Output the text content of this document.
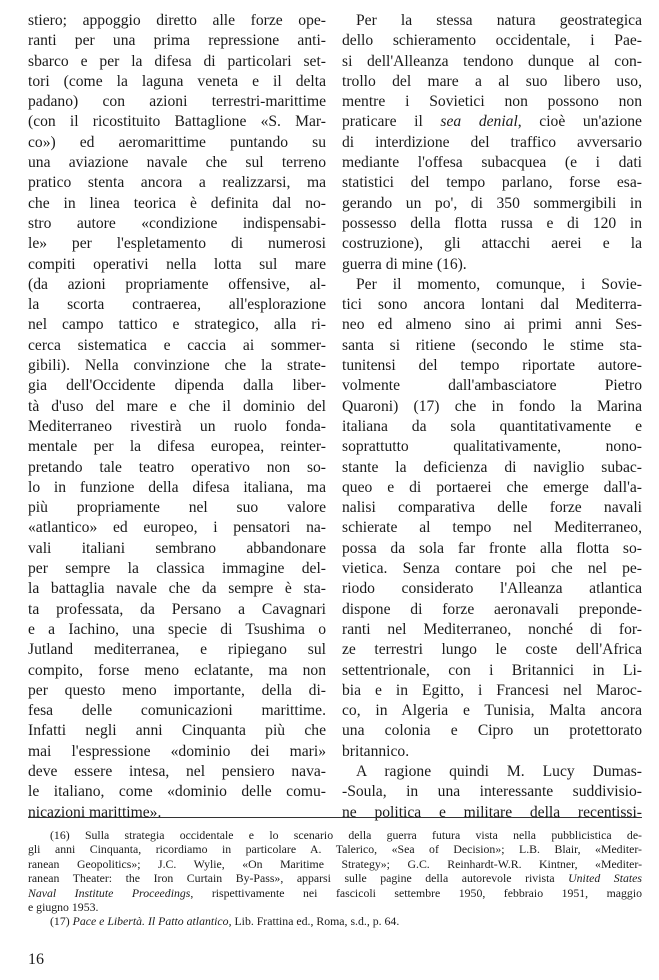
stiero; appoggio diretto alle forze ope-
ranti per una prima repressione anti-
sbarco e per la difesa di particolari set-
tori (come la laguna veneta e il delta
padano) con azioni terrestri-marittime
(con il ricostituito Battaglione «S. Mar-
co») ed aeromarittime puntando su
una aviazione navale che sul terreno
pratico stenta ancora a realizzarsi, ma
che in linea teorica è definita dal no-
stro autore «condizione indispensabi-
le» per l'espletamento di numerosi
compiti operativi nella lotta sul mare
(da azioni propriamente offensive, al-
la scorta contraerea, all'esplorazione
nel campo tattico e strategico, alla ri-
cerca sistematica e caccia ai sommer-
gibili). Nella convinzione che la strate-
gia dell'Occidente dipenda dalla liber-
tà d'uso del mare e che il dominio del
Mediterraneo rivestirà un ruolo fonda-
mentale per la difesa europea, reinter-
pretando tale teatro operativo non so-
lo in funzione della difesa italiana, ma
più propriamente nel suo valore
«atlantico» ed europeo, i pensatori na-
vali italiani sembrano abbandonare
per sempre la classica immagine del-
la battaglia navale che da sempre è sta-
ta professata, da Persano a Cavagnari
e a Iachino, una specie di Tsushima o
Jutland mediterranea, e ripiegano sul
compito, forse meno eclatante, ma non
per questo meno importante, della di-
fesa delle comunicazioni marittime.
Infatti negli anni Cinquanta più che
mai l'espressione «dominio dei mari»
deve essere intesa, nel pensiero nava-
le italiano, come «dominio delle comu-
nicazioni marittime».
Per la stessa natura geostrategica
dello schieramento occidentale, i Pae-
si dell'Alleanza tendono dunque al con-
trollo del mare a al suo libero uso,
mentre i Sovietici non possono non
praticare il sea denial, cioè un'azione
di interdizione del traffico avversario
mediante l'offesa subacquea (e i dati
statistici del tempo parlano, forse esa-
gerando un po', di 350 sommergibili in
possesso della flotta russa e di 120 in
costruzione), gli attacchi aerei e la
guerra di mine (16).
Per il momento, comunque, i Sovie-
tici sono ancora lontani dal Mediterra-
neo ed almeno sino ai primi anni Ses-
santa si ritiene (secondo le stime sta-
tunitensi del tempo riportate autore-
volmente dall'ambasciatore Pietro
Quaroni) (17) che in fondo la Marina
italiana da sola quantitativamente e
soprattutto qualitativamente, nono-
stante la deficienza di naviglio subac-
queo e di portaerei che emerge dall'a-
nalisi comparativa delle forze navali
schierate al tempo nel Mediterraneo,
possa da sola far fronte alla flotta so-
vietica. Senza contare poi che nel pe-
riodo considerato l'Alleanza atlantica
dispone di forze aeronavali preponde-
ranti nel Mediterraneo, nonché di for-
ze terrestri lungo le coste dell'Africa
settentrionale, con i Britannici in Li-
bia e in Egitto, i Francesi nel Maroc-
co, in Algeria e Tunisia, Malta ancora
una colonia e Cipro un protettorato
britannico.
A ragione quindi M. Lucy Dumas-
-Soula, in una interessante suddivisio-
ne politica e militare della recentissi-
(16) Sulla strategia occidentale e lo scenario della guerra futura vista nella pubblicistica de-
gli anni Cinquanta, ricordiamo in particolare A. Talerico, «Sea of Decision»; L.B. Blair, «Mediter-
ranean Geopolitics»; J.C. Wylie, «On Maritime Strategy»; G.C. Reinhardt-W.R. Kintner, «Mediter-
ranean Theater: the Iron Curtain By-Pass», apparsi sulle pagine della autorevole rivista United States
Naval Institute Proceedings, rispettivamente nei fascicoli settembre 1950, febbraio 1951, maggio
e giugno 1953.
(17) Pace e Libertà. Il Patto atlantico, Lib. Frattina ed., Roma, s.d., p. 64.
16
